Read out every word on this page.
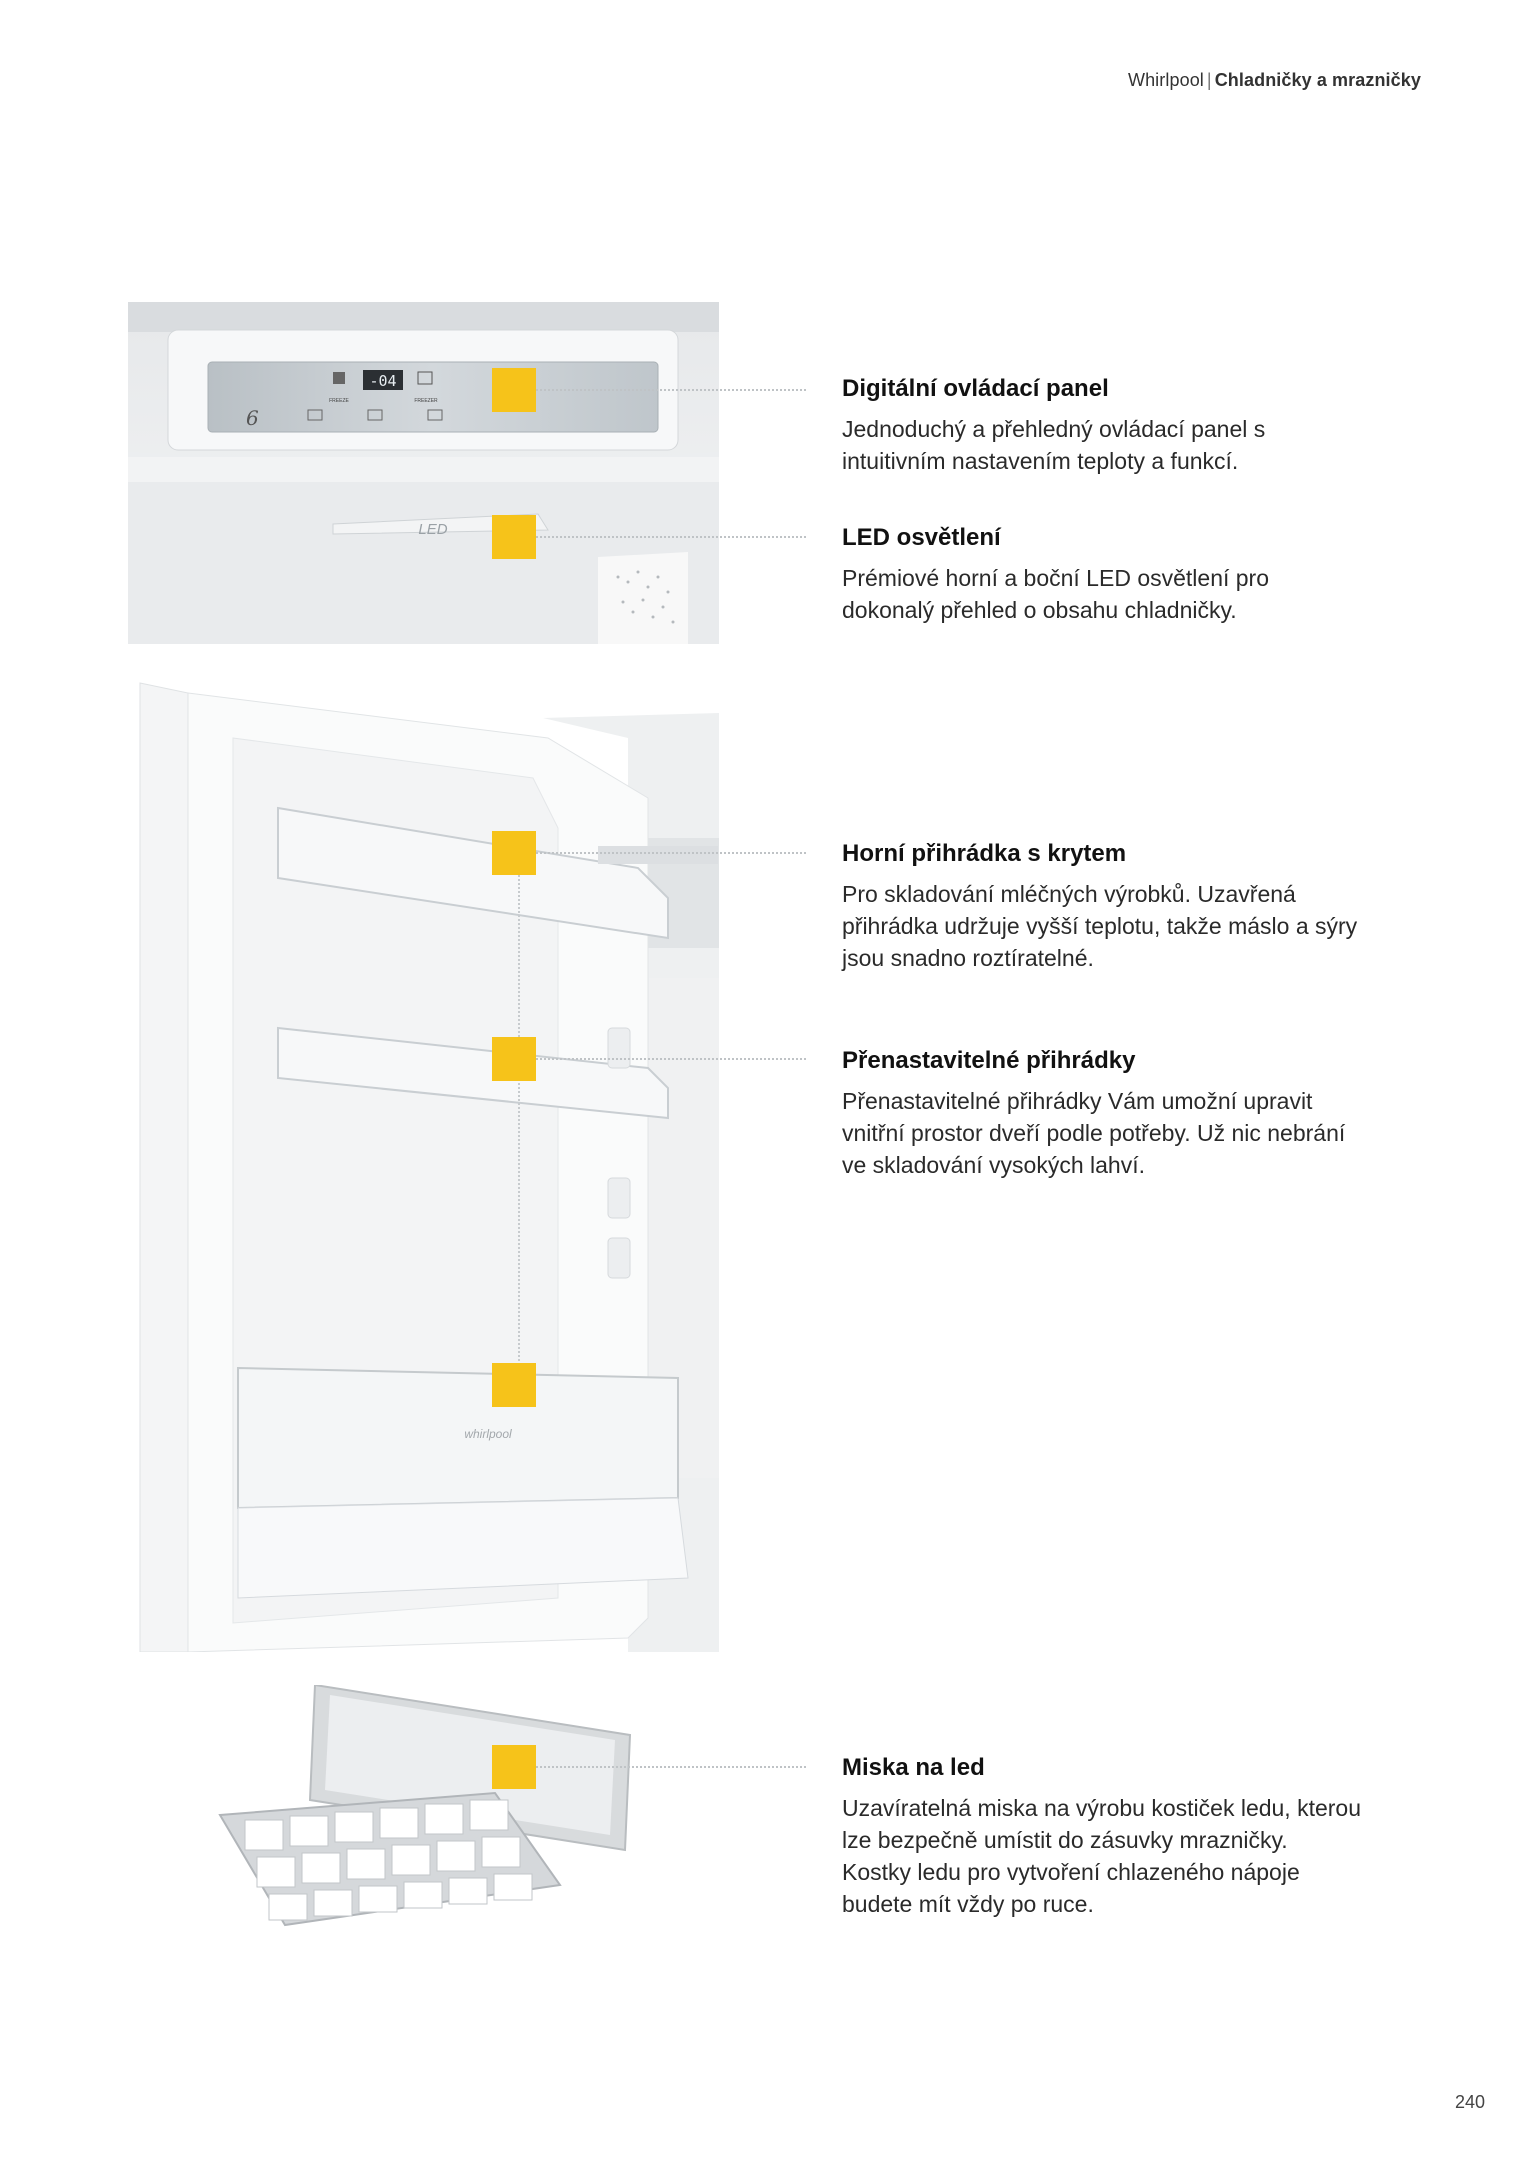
Whirlpool | Chladničky a mrazničky
-04
6
FREEZE	FREEZER
LED
whirlpool
Digitální ovládací panel

Jednoduchý a přehledný ovládací panel s intuitivním nastavením teploty a funkcí.

LED osvětlení

Prémiové horní a boční LED osvětlení pro dokonalý přehled o obsahu chladničky.

Horní přihrádka s krytem

Pro skladování mléčných výrobků. Uzavřená přihrádka udržuje vyšší teplotu, takže máslo a sýry jsou snadno roztíratelné.

Přenastavitelné přihrádky

Přenastavitelné přihrádky Vám umožní upravit vnitřní prostor dveří podle potřeby. Už nic nebrání ve skladování vysokých lahví.

Miska na led

Uzavíratelná miska na výrobu kostiček ledu, kterou lze bezpečně umístit do zásuvky mrazničky. Kostky ledu pro vytvoření chlazeného nápoje budete mít vždy po ruce.

240
